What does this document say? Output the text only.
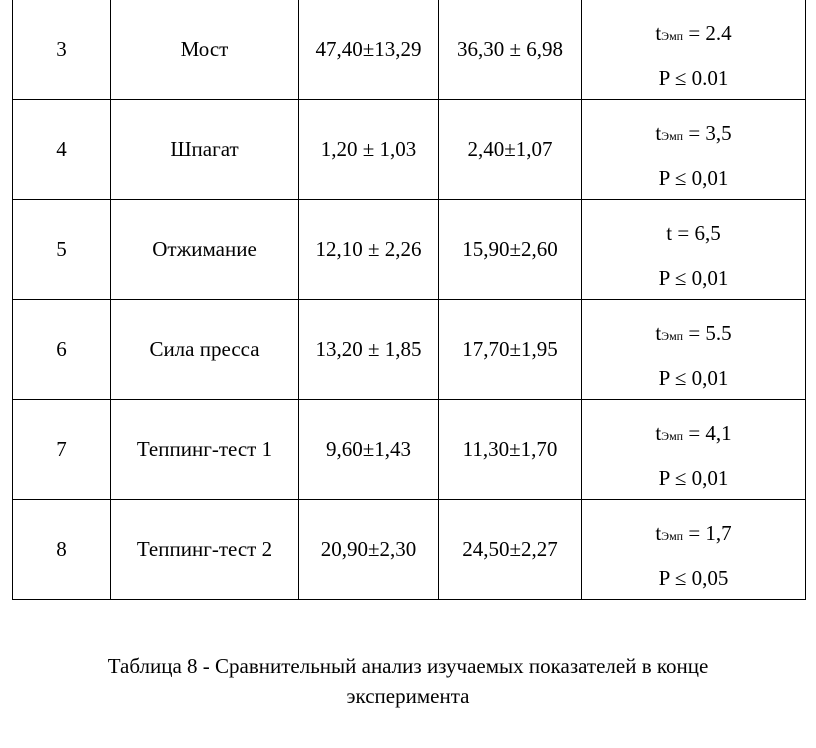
3	Мост	47,40±13,29	36,30 ± 6,98	tЭмп = 2.4
P ≤ 0.01

4	Шпагат	1,20 ± 1,03	2,40±1,07	tЭмп = 3,5
P ≤ 0,01

5	Отжимание	12,10 ± 2,26	15,90±2,60	t = 6,5
P ≤ 0,01

6	Сила пресса	13,20 ± 1,85	17,70±1,95	tЭмп = 5.5
P ≤ 0,01

7	Теппинг-тест 1	9,60±1,43	11,30±1,70	tЭмп = 4,1
P ≤ 0,01

8	Теппинг-тест 2	20,90±2,30	24,50±2,27	tЭмп = 1,7
P ≤ 0,05
Таблица 8 - Сравнительный анализ изучаемых показателей в конце
эксперимента
